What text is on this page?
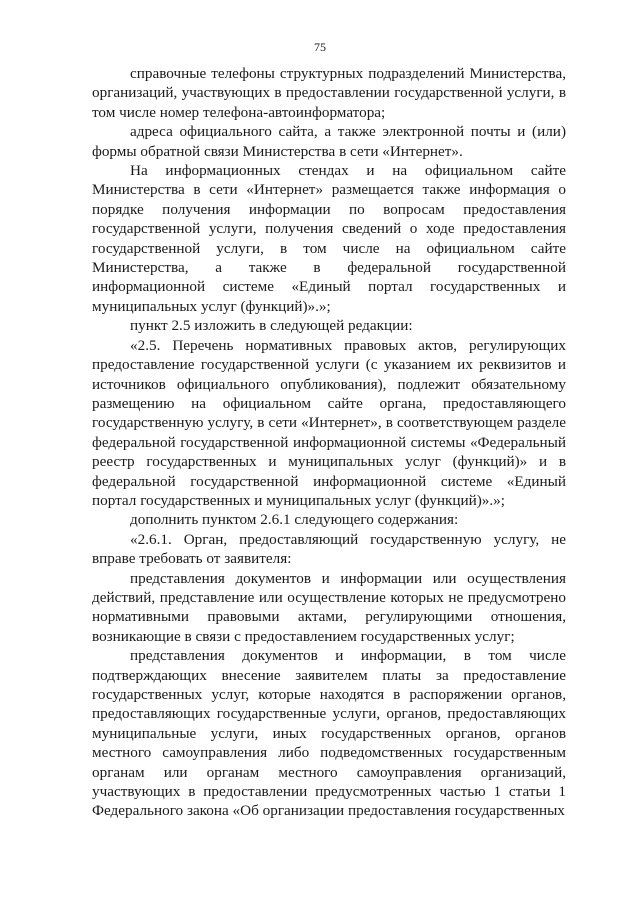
75

справочные телефоны структурных подразделений Министерства, организаций, участвующих в предоставлении государственной услуги, в том числе номер телефона-автоинформатора;

адреса официального сайта, а также электронной почты и (или) формы обратной связи Министерства в сети «Интернет».

На информационных стендах и на официальном сайте Министерства в сети «Интернет» размещается также информация о порядке получения информации по вопросам предоставления государственной услуги, получения сведений о ходе предоставления государственной услуги, в том числе на официальном сайте Министерства, а также в федеральной государственной информационной системе «Единый портал государственных и муниципальных услуг (функций)».»;

пункт 2.5 изложить в следующей редакции:

«2.5. Перечень нормативных правовых актов, регулирующих предоставление государственной услуги (с указанием их реквизитов и источников официального опубликования), подлежит обязательному размещению на официальном сайте органа, предоставляющего государственную услугу, в сети «Интернет», в соответствующем разделе федеральной государственной информационной системы «Федеральный реестр государственных и муниципальных услуг (функций)» и в федеральной государственной информационной системе «Единый портал государственных и муниципальных услуг (функций)».»;

дополнить пунктом 2.6.1 следующего содержания:

«2.6.1. Орган, предоставляющий государственную услугу, не вправе требовать от заявителя:

представления документов и информации или осуществления действий, представление или осуществление которых не предусмотрено нормативными правовыми актами, регулирующими отношения, возникающие в связи с предоставлением государственных услуг;

представления документов и информации, в том числе подтверждающих внесение заявителем платы за предоставление государственных услуг, которые находятся в распоряжении органов, предоставляющих государственные услуги, органов, предоставляющих муниципальные услуги, иных государственных органов, органов местного самоуправления либо подведомственных государственным органам или органам местного самоуправления организаций, участвующих в предоставлении предусмотренных частью 1 статьи 1 Федерального закона «Об организации предоставления государственных
